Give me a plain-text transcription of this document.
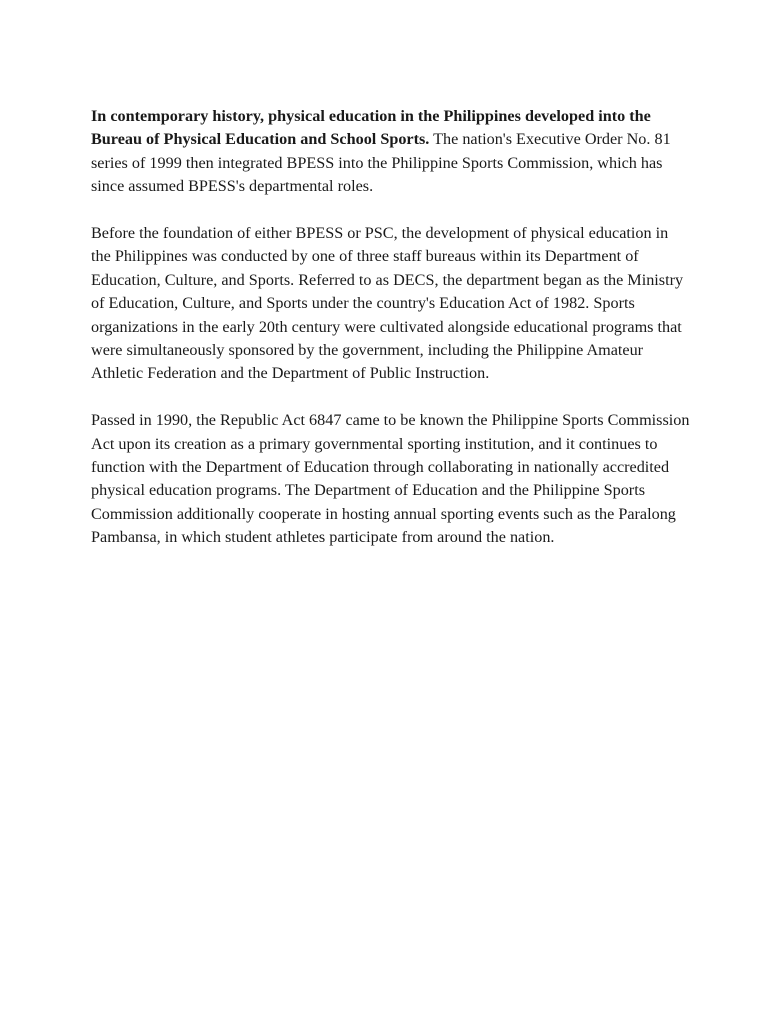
In contemporary history, physical education in the Philippines developed into the Bureau of Physical Education and School Sports. The nation's Executive Order No. 81 series of 1999 then integrated BPESS into the Philippine Sports Commission, which has since assumed BPESS's departmental roles.

Before the foundation of either BPESS or PSC, the development of physical education in the Philippines was conducted by one of three staff bureaus within its Department of Education, Culture, and Sports. Referred to as DECS, the department began as the Ministry of Education, Culture, and Sports under the country's Education Act of 1982. Sports organizations in the early 20th century were cultivated alongside educational programs that were simultaneously sponsored by the government, including the Philippine Amateur Athletic Federation and the Department of Public Instruction.

Passed in 1990, the Republic Act 6847 came to be known the Philippine Sports Commission Act upon its creation as a primary governmental sporting institution, and it continues to function with the Department of Education through collaborating in nationally accredited physical education programs. The Department of Education and the Philippine Sports Commission additionally cooperate in hosting annual sporting events such as the Paralong Pambansa, in which student athletes participate from around the nation.
